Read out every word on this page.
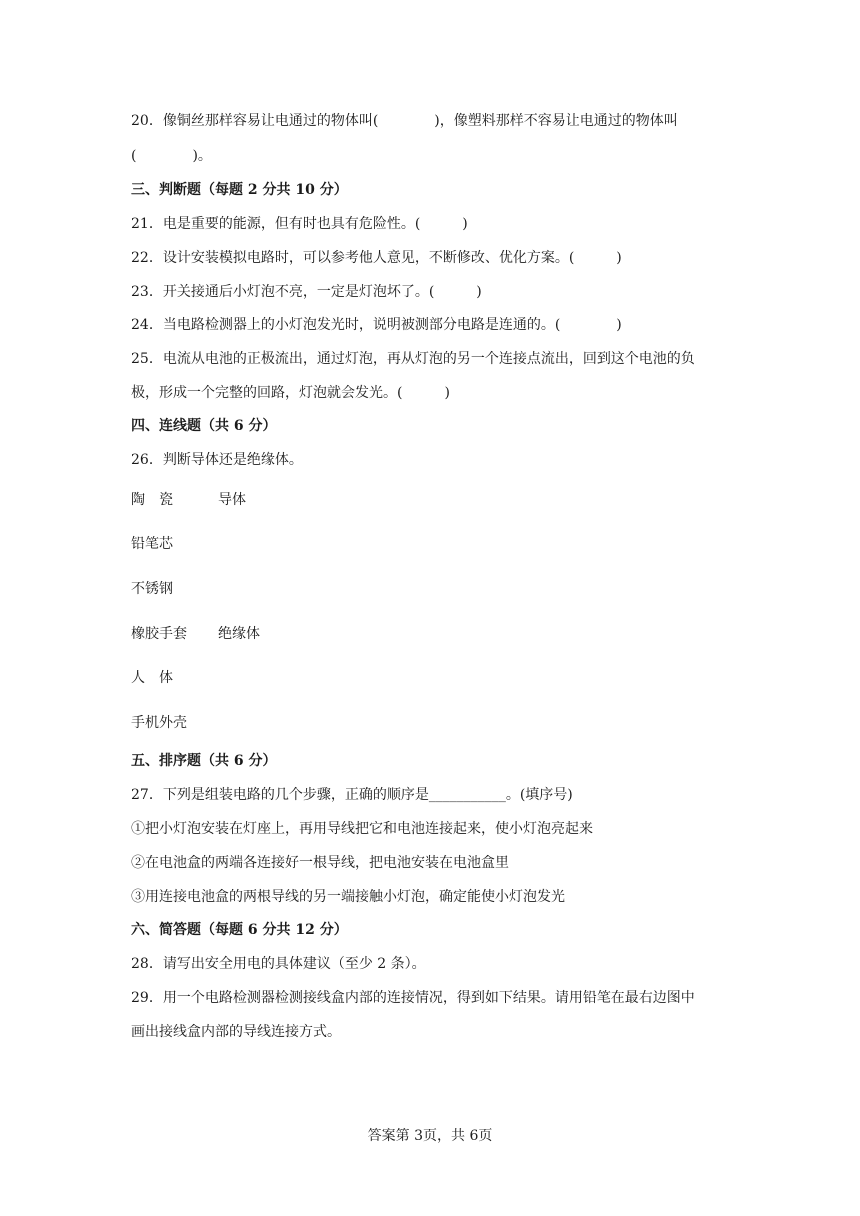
20．像铜丝那样容易让电通过的物体叫(　　　　)，像塑料那样不容易让电通过的物体叫
(　　　　)。
三、判断题（每题 2 分共 10 分）
21．电是重要的能源，但有时也具有危险性。(　　　)
22．设计安装模拟电路时，可以参考他人意见，不断修改、优化方案。(　　　)
23．开关接通后小灯泡不亮，一定是灯泡坏了。(　　　)
24．当电路检测器上的小灯泡发光时，说明被测部分电路是连通的。(　　　　)
25．电流从电池的正极流出，通过灯泡，再从灯泡的另一个连接点流出，回到这个电池的负
极，形成一个完整的回路，灯泡就会发光。(　　　)
四、连线题（共 6 分）
26．判断导体还是绝缘体。
陶　瓷	导体
铅笔芯
不锈钢
橡胶手套 绝缘体
人　体
手机外壳
五、排序题（共 6 分）
27．下列是组装电路的几个步骤，正确的顺序是___________。(填序号)
①把小灯泡安装在灯座上，再用导线把它和电池连接起来，使小灯泡亮起来
②在电池盒的两端各连接好一根导线，把电池安装在电池盒里
③用连接电池盒的两根导线的另一端接触小灯泡，确定能使小灯泡发光
六、简答题（每题 6 分共 12 分）
28．请写出安全用电的具体建议（至少 2 条）。
29．用一个电路检测器检测接线盒内部的连接情况，得到如下结果。请用铅笔在最右边图中
画出接线盒内部的导线连接方式。
答案第 3页，共 6页
